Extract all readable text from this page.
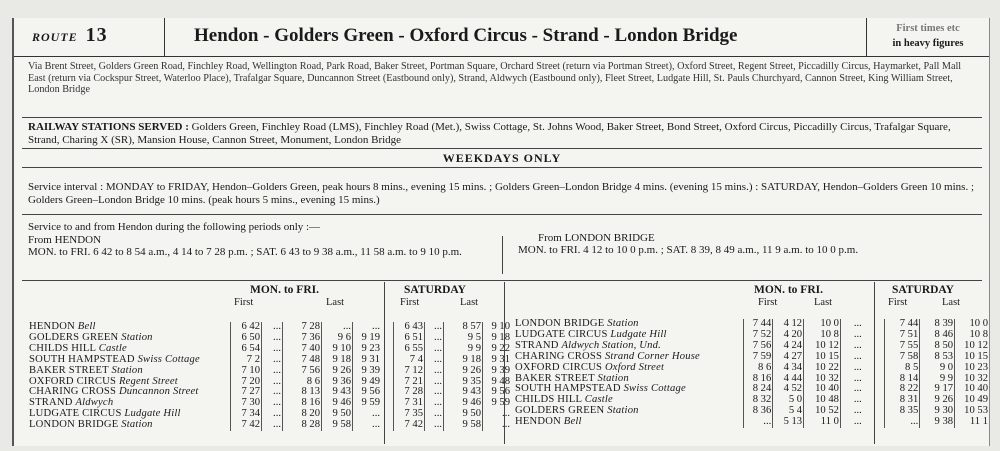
ROUTE 13	Hendon - Golders Green - Oxford Circus - Strand - London Bridge	First times etc
in heavy figures
Via Brent Street, Golders Green Road, Finchley Road, Wellington Road, Park Road, Baker Street, Portman Square, Orchard Street (return via Portman Street), Oxford Street, Regent Street, Piccadilly Circus, Haymarket, Pall Mall East (return via Cockspur Street, Waterloo Place), Trafalgar Square, Duncannon Street (Eastbound only), Strand, Aldwych (Eastbound only), Fleet Street, Ludgate Hill, St. Pauls Churchyard, Cannon Street, King William Street, London Bridge
RAILWAY STATIONS SERVED : Golders Green, Finchley Road (LMS), Finchley Road (Met.), Swiss Cottage, St. Johns Wood, Baker Street, Bond Street, Oxford Circus, Piccadilly Circus, Trafalgar Square, Strand, Charing X (SR), Mansion House, Cannon Street, Monument, London Bridge
WEEKDAYS ONLY
Service interval : MONDAY to FRIDAY, Hendon–Golders Green, peak hours 8 mins., evening 15 mins. ; Golders Green–London Bridge 4 mins. (evening 15 mins.) : SATURDAY, Hendon–Golders Green 10 mins. ; Golders Green–London Bridge 10 mins. (peak hours 5 mins., evening 15 mins.)
Service to and from Hendon during the following periods only :—
From HENDON
MON. to FRI. 6 42 to 8 54 a.m., 4 14 to 7 28 p.m. ; SAT. 6 43 to 9 38 a.m., 11 58 a.m. to 9 10 p.m.
From LONDON BRIDGE
MON. to FRI. 4 12 to 10 0 p.m. ; SAT. 8 39, 8 49 a.m., 11 9 a.m. to 10 0 p.m.
MON. to FRI.
First	Last
SATURDAY
First	Last
HENDON Bell	6 42	...	7 28	...	...		6 43	...	8 57	9 10
GOLDERS GREEN Station	6 50	...	7 36	9 6	9 19		6 51	...	9 5	9 18
CHILDS HILL Castle	6 54	...	7 40	9 10	9 23		6 55	...	9 9	9 22
SOUTH HAMPSTEAD Swiss Cottage	7 2	...	7 48	9 18	9 31		7 4	...	9 18	9 31
BAKER STREET Station	7 10	...	7 56	9 26	9 39		7 12	...	9 26	9 39
OXFORD CIRCUS Regent Street	7 20	...	8 6	9 36	9 49		7 21	...	9 35	9 48
CHARING CROSS Duncannon Street	7 27	...	8 13	9 43	9 56		7 28	...	9 43	9 56
STRAND Aldwych	7 30	...	8 16	9 46	9 59		7 31	...	9 46	9 59
LUDGATE CIRCUS Ludgate Hill	7 34	...	8 20	9 50	...		7 35	...	9 50	...
LONDON BRIDGE Station	7 42	...	8 28	9 58	...		7 42	...	9 58	...
MON. to FRI.
First	Last
SATURDAY
First	Last
LONDON BRIDGE Station	7 44	4 12	10 0	...		7 44	8 39	10 0
LUDGATE CIRCUS Ludgate Hill	7 52	4 20	10 8	...		7 51	8 46	10 8
STRAND Aldwych Station, Und.	7 56	4 24	10 12	...		7 55	8 50	10 12
CHARING CROSS Strand Corner House	7 59	4 27	10 15	...		7 58	8 53	10 15
OXFORD CIRCUS Oxford Street	8 6	4 34	10 22	...		8 5	9 0	10 23
BAKER STREET Station	8 16	4 44	10 32	...		8 14	9 9	10 32
SOUTH HAMPSTEAD Swiss Cottage	8 24	4 52	10 40	...		8 22	9 17	10 40
CHILDS HILL Castle	8 32	5 0	10 48	...		8 31	9 26	10 49
GOLDERS GREEN Station	8 36	5 4	10 52	...		8 35	9 30	10 53
HENDON Bell	...	5 13	11 0	...		...	9 38	11 1
